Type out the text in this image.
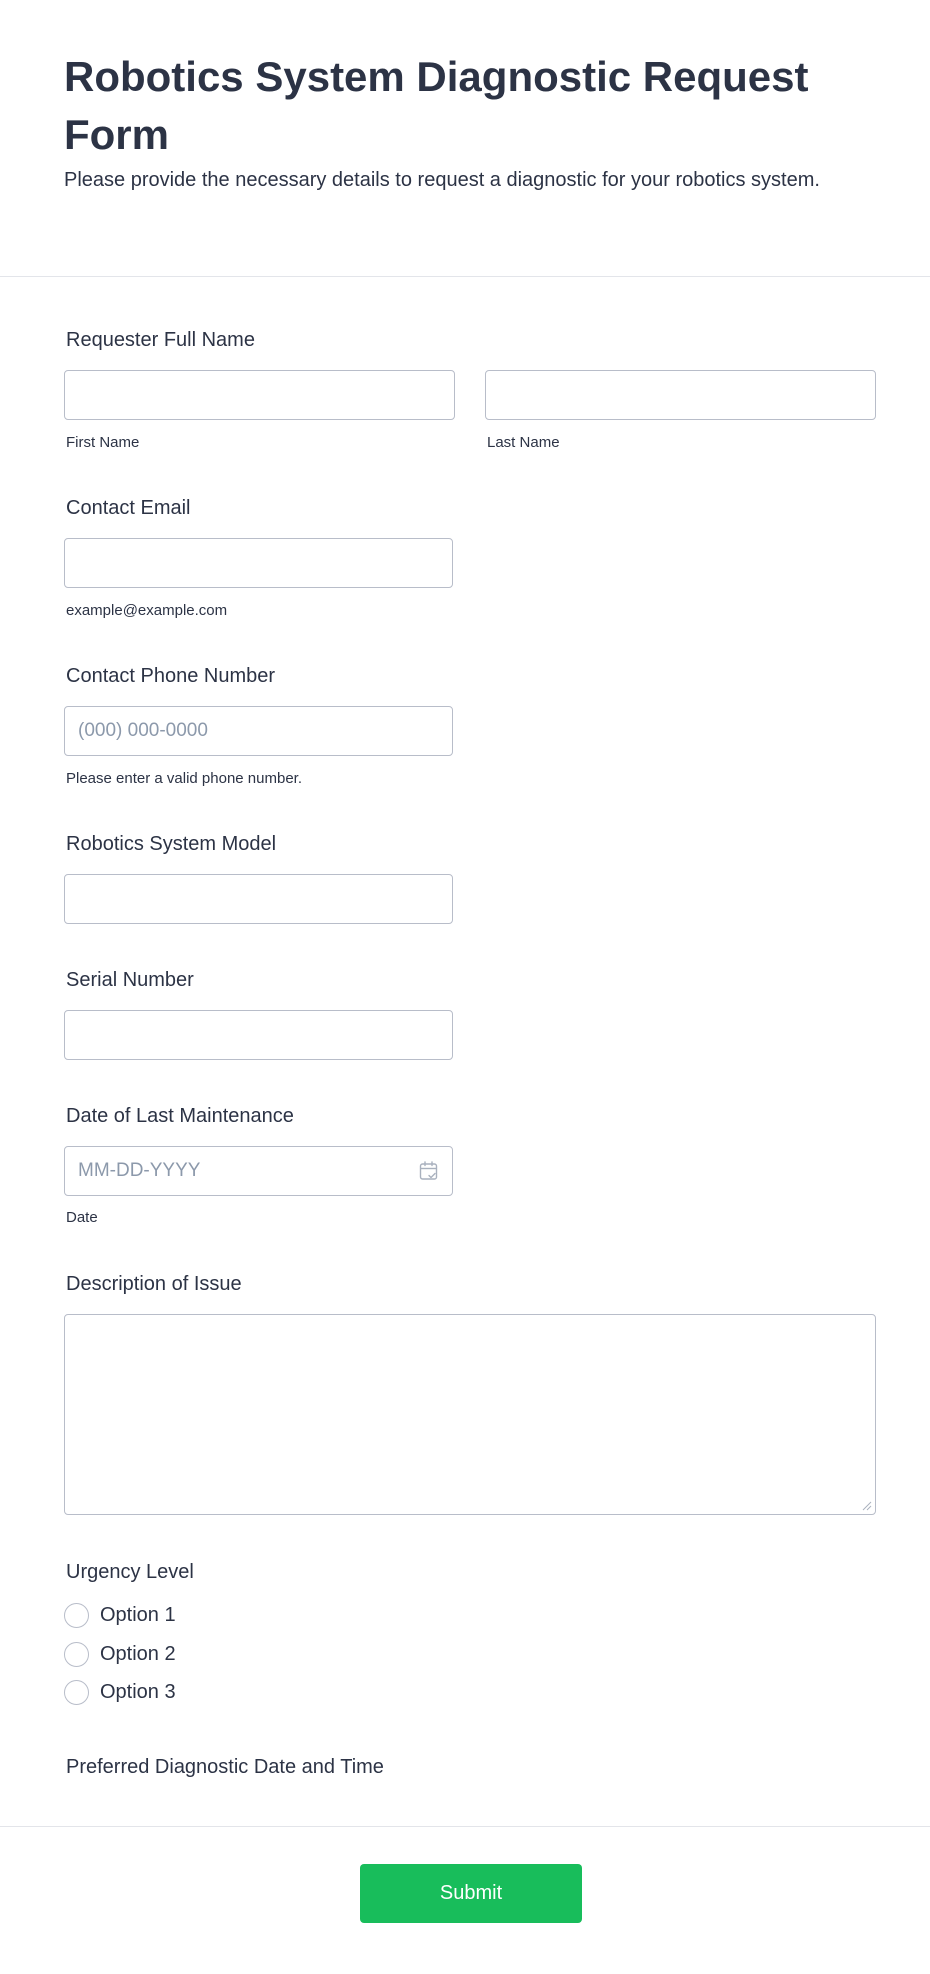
Robotics System Diagnostic Request Form

Please provide the necessary details to request a diagnostic for your robotics system.

Requester Full Name
First Name	Last Name
Contact Email
example@example.com
Contact Phone Number
(000) 000-0000
Please enter a valid phone number.
Robotics System Model
Serial Number
Date of Last Maintenance
MM-DD-YYYY
Date
Description of Issue
Urgency Level
Option 1
Option 2
Option 3
Preferred Diagnostic Date and Time
Submit
